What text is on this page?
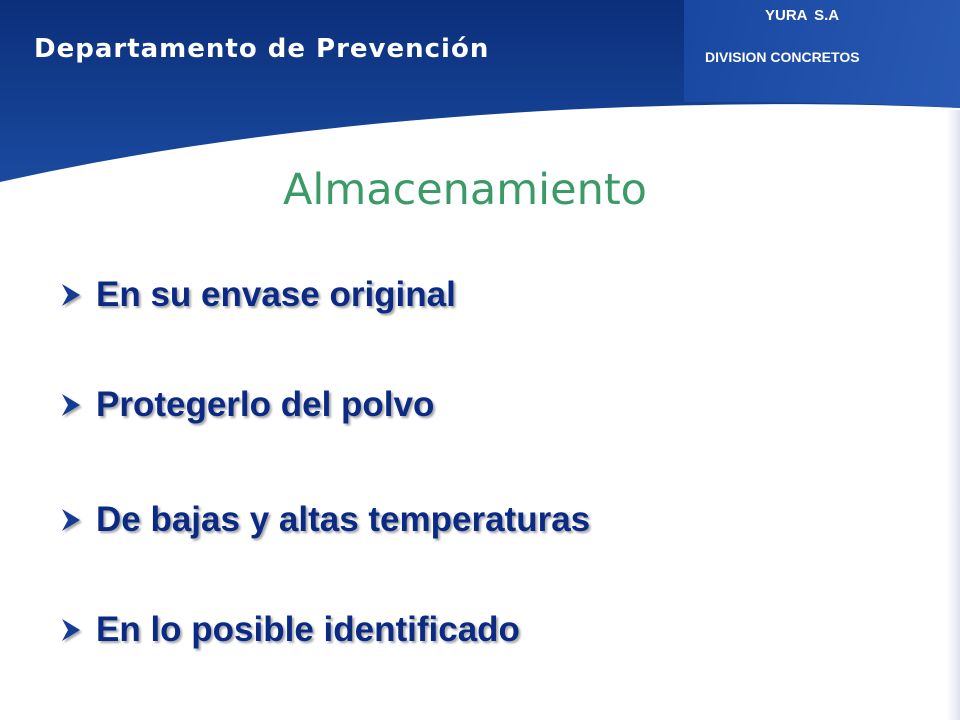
Departamento de Prevención
YURA S.A
DIVISION CONCRETOS
Almacenamiento
En su envase original
Protegerlo del polvo
De bajas y altas temperaturas
En lo posible identificado
